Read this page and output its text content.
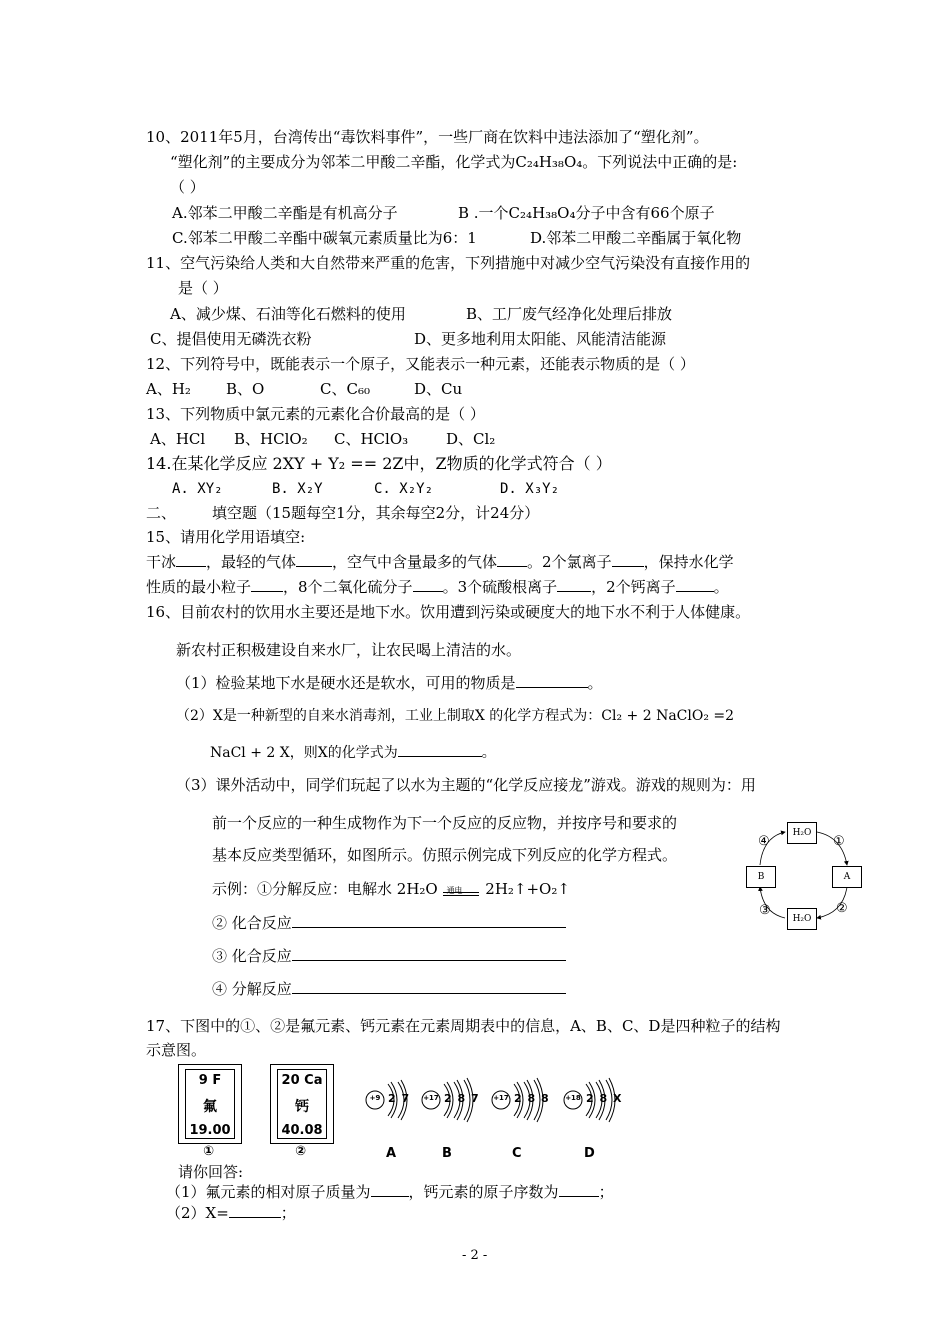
10、2011年5月，台湾传出“毒饮料事件”，一些厂商在饮料中违法添加了“塑化剂”。
“塑化剂”的主要成分为邻苯二甲酸二辛酯，化学式为C₂₄H₃₈O₄。下列说法中正确的是:
（ ）
A.邻苯二甲酸二辛酯是有机高分子	B .一个C₂₄H₃₈O₄分子中含有66个原子
C.邻苯二甲酸二辛酯中碳氧元素质量比为6：1	D.邻苯二甲酸二辛酯属于氧化物
11、空气污染给人类和大自然带来严重的危害，下列措施中对减少空气污染没有直接作用的
是（ ）
A、减少煤、石油等化石燃料的使用	B、工厂废气经净化处理后排放
C、提倡使用无磷洗衣粉	D、更多地利用太阳能、风能清洁能源
12、下列符号中，既能表示一个原子，又能表示一种元素，还能表示物质的是（ ）
A、H₂ B、O	C、C₆₀	D、Cu
13、下列物质中氯元素的元素化合价最高的是（ ）
A、HCl B、HClO₂ C、HClO₃	D、Cl₂
14.在某化学反应 2XY + Y₂ == 2Z中，Z物质的化学式符合（ ）
A. XY₂	B. X₂Y	C. X₂Y₂	D. X₃Y₂
二、 填空题（15题每空1分，其余每空2分，计24分）
15、请用化学用语填空:
干冰 ，最轻的气体 ，空气中含量最多的气体 。2个氯离子 ，保持水化学
性质的最小粒子 ，8个二氧化硫分子 。3个硫酸根离子 ，2个钙离子	。
16、目前农村的饮用水主要还是地下水。饮用遭到污染或硬度大的地下水不利于人体健康。
新农村正积极建设自来水厂，让农民喝上清洁的水。
（1）检验某地下水是硬水还是软水，可用的物质是	。
（2）X是一种新型的自来水消毒剂，工业上制取X 的化学方程式为：Cl₂ + 2 NaClO₂ =2
NaCl + 2 X，则X的化学式为	。
（3）课外活动中，同学们玩起了以水为主题的“化学反应接龙”游戏。游戏的规则为：用
前一个反应的一种生成物作为下一个反应的反应物，并按序号和要求的
基本反应类型循环，如图所示。仿照示例完成下列反应的化学方程式。
示例：①分解反应：电解水 2H₂O 通电 2H₂↑+O₂↑
② 化合反应
③ 化合反应
④ 分解反应
H₂O
H₂O
B	A
①
②
③
④
17、下图中的①、②是氟元素、钙元素在元素周期表中的信息，A、B、C、D是四种粒子的结构
示意图。
9 F
氟
19.00
①
20 Ca
钙
40.08
②
+9 2 7
A
+17 2 8 7
B
+17 2 8 8
C
+18 2 8 X
D
请你回答:
（1）氟元素的相对原子质量为	，钙元素的原子序数为	；
（2）X=	；
- 2 -
